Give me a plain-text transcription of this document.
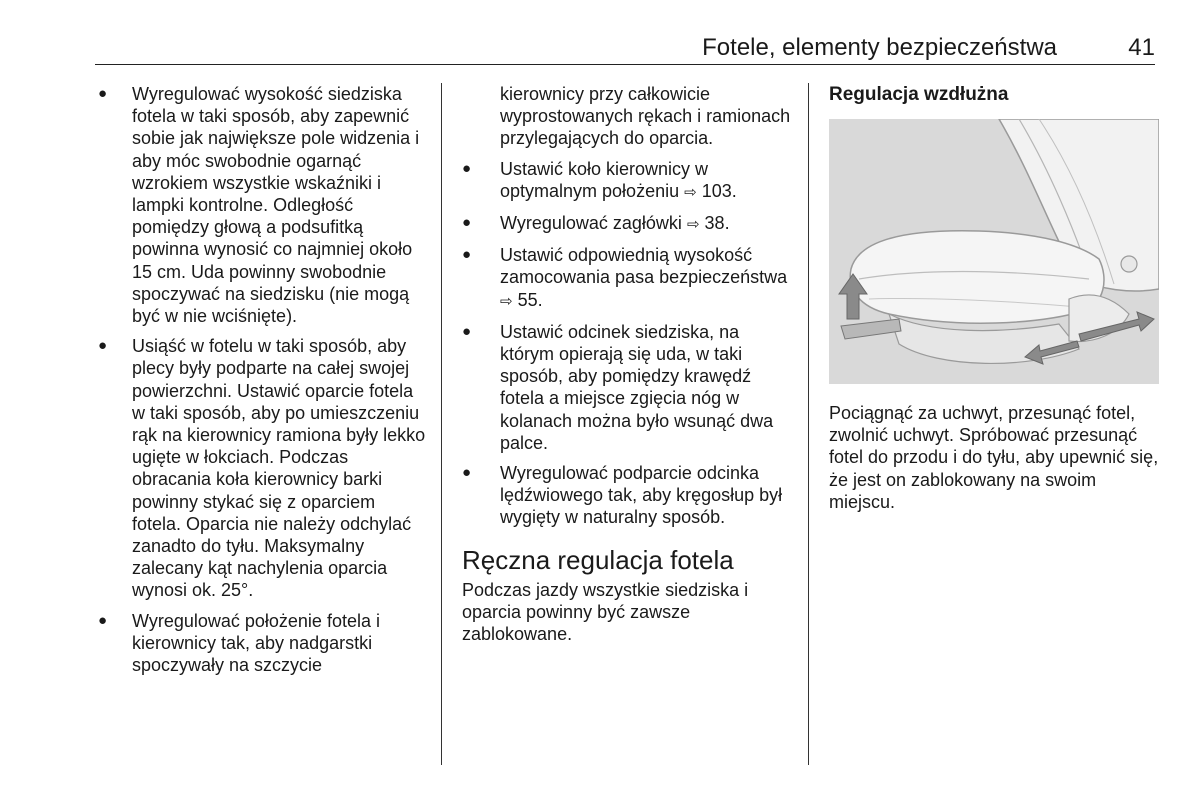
Fotele, elementy bezpieczeństwa	41
● Wyregulować wysokość siedziska fotela w taki sposób, aby zapewnić sobie jak największe pole widzenia i aby móc swobodnie ogarnąć wzrokiem wszystkie wskaźniki i lampki kontrolne. Odległość pomiędzy głową a podsufitką powinna wynosić co najmniej około 15 cm. Uda powinny swobodnie spoczywać na siedzisku (nie mogą być w nie wciśnięte).
● Usiąść w fotelu w taki sposób, aby plecy były podparte na całej swojej powierzchni. Ustawić oparcie fotela w taki sposób, aby po umieszczeniu rąk na kierownicy ramiona były lekko ugięte w łokciach. Podczas obracania koła kierownicy barki powinny stykać się z oparciem fotela. Oparcia nie należy odchylać zanadto do tyłu. Maksymalny zalecany kąt nachylenia oparcia wynosi ok. 25°.
● Wyregulować położenie fotela i kierownicy tak, aby nadgarstki spoczywały na szczycie

kierownicy przy całkowicie wyprostowanych rękach i ramionach przylegających do oparcia.

● Ustawić koło kierownicy w optymalnym położeniu ⇨ 103.
● Wyregulować zagłówki ⇨ 38.
● Ustawić odpowiednią wysokość zamocowania pasa bezpieczeństwa ⇨ 55.
● Ustawić odcinek siedziska, na którym opierają się uda, w taki sposób, aby pomiędzy krawędź fotela a miejsce zgięcia nóg w kolanach można było wsunąć dwa palce.
● Wyregulować podparcie odcinka lędźwiowego tak, aby kręgosłup był wygięty w naturalny sposób.
Ręczna regulacja fotela

Podczas jazdy wszystkie siedziska i oparcia powinny być zawsze zablokowane.

Regulacja wzdłużna

Pociągnąć za uchwyt, przesunąć fotel, zwolnić uchwyt. Spróbować przesunąć fotel do przodu i do tyłu, aby upewnić się, że jest on zablokowany na swoim miejscu.
